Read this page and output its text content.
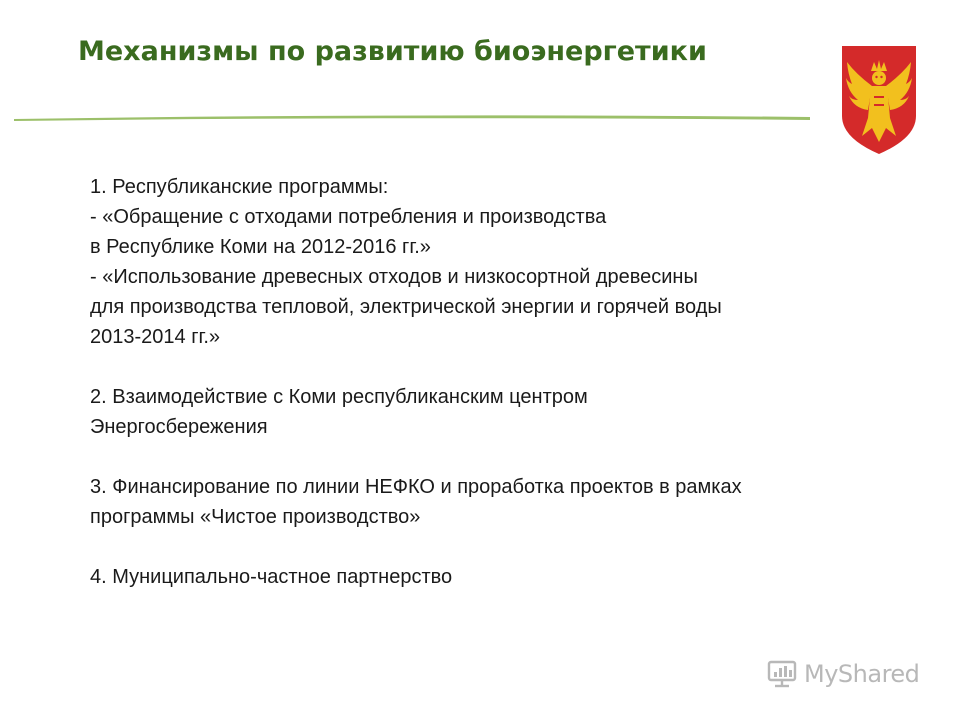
Механизмы по развитию биоэнергетики
1. Республиканские программы:
- «Обращение с отходами потребления и производства
в Республике Коми на 2012-2016 гг.»
- «Использование древесных отходов и низкосортной древесины
для производства тепловой, электрической энергии и горячей воды
2013-2014 гг.»
2. Взаимодействие с Коми республиканским центром
Энергосбережения
3. Финансирование по линии НЕФКО и проработка проектов в рамках
программы «Чистое производство»
4. Муниципально-частное партнерство
MyShared
